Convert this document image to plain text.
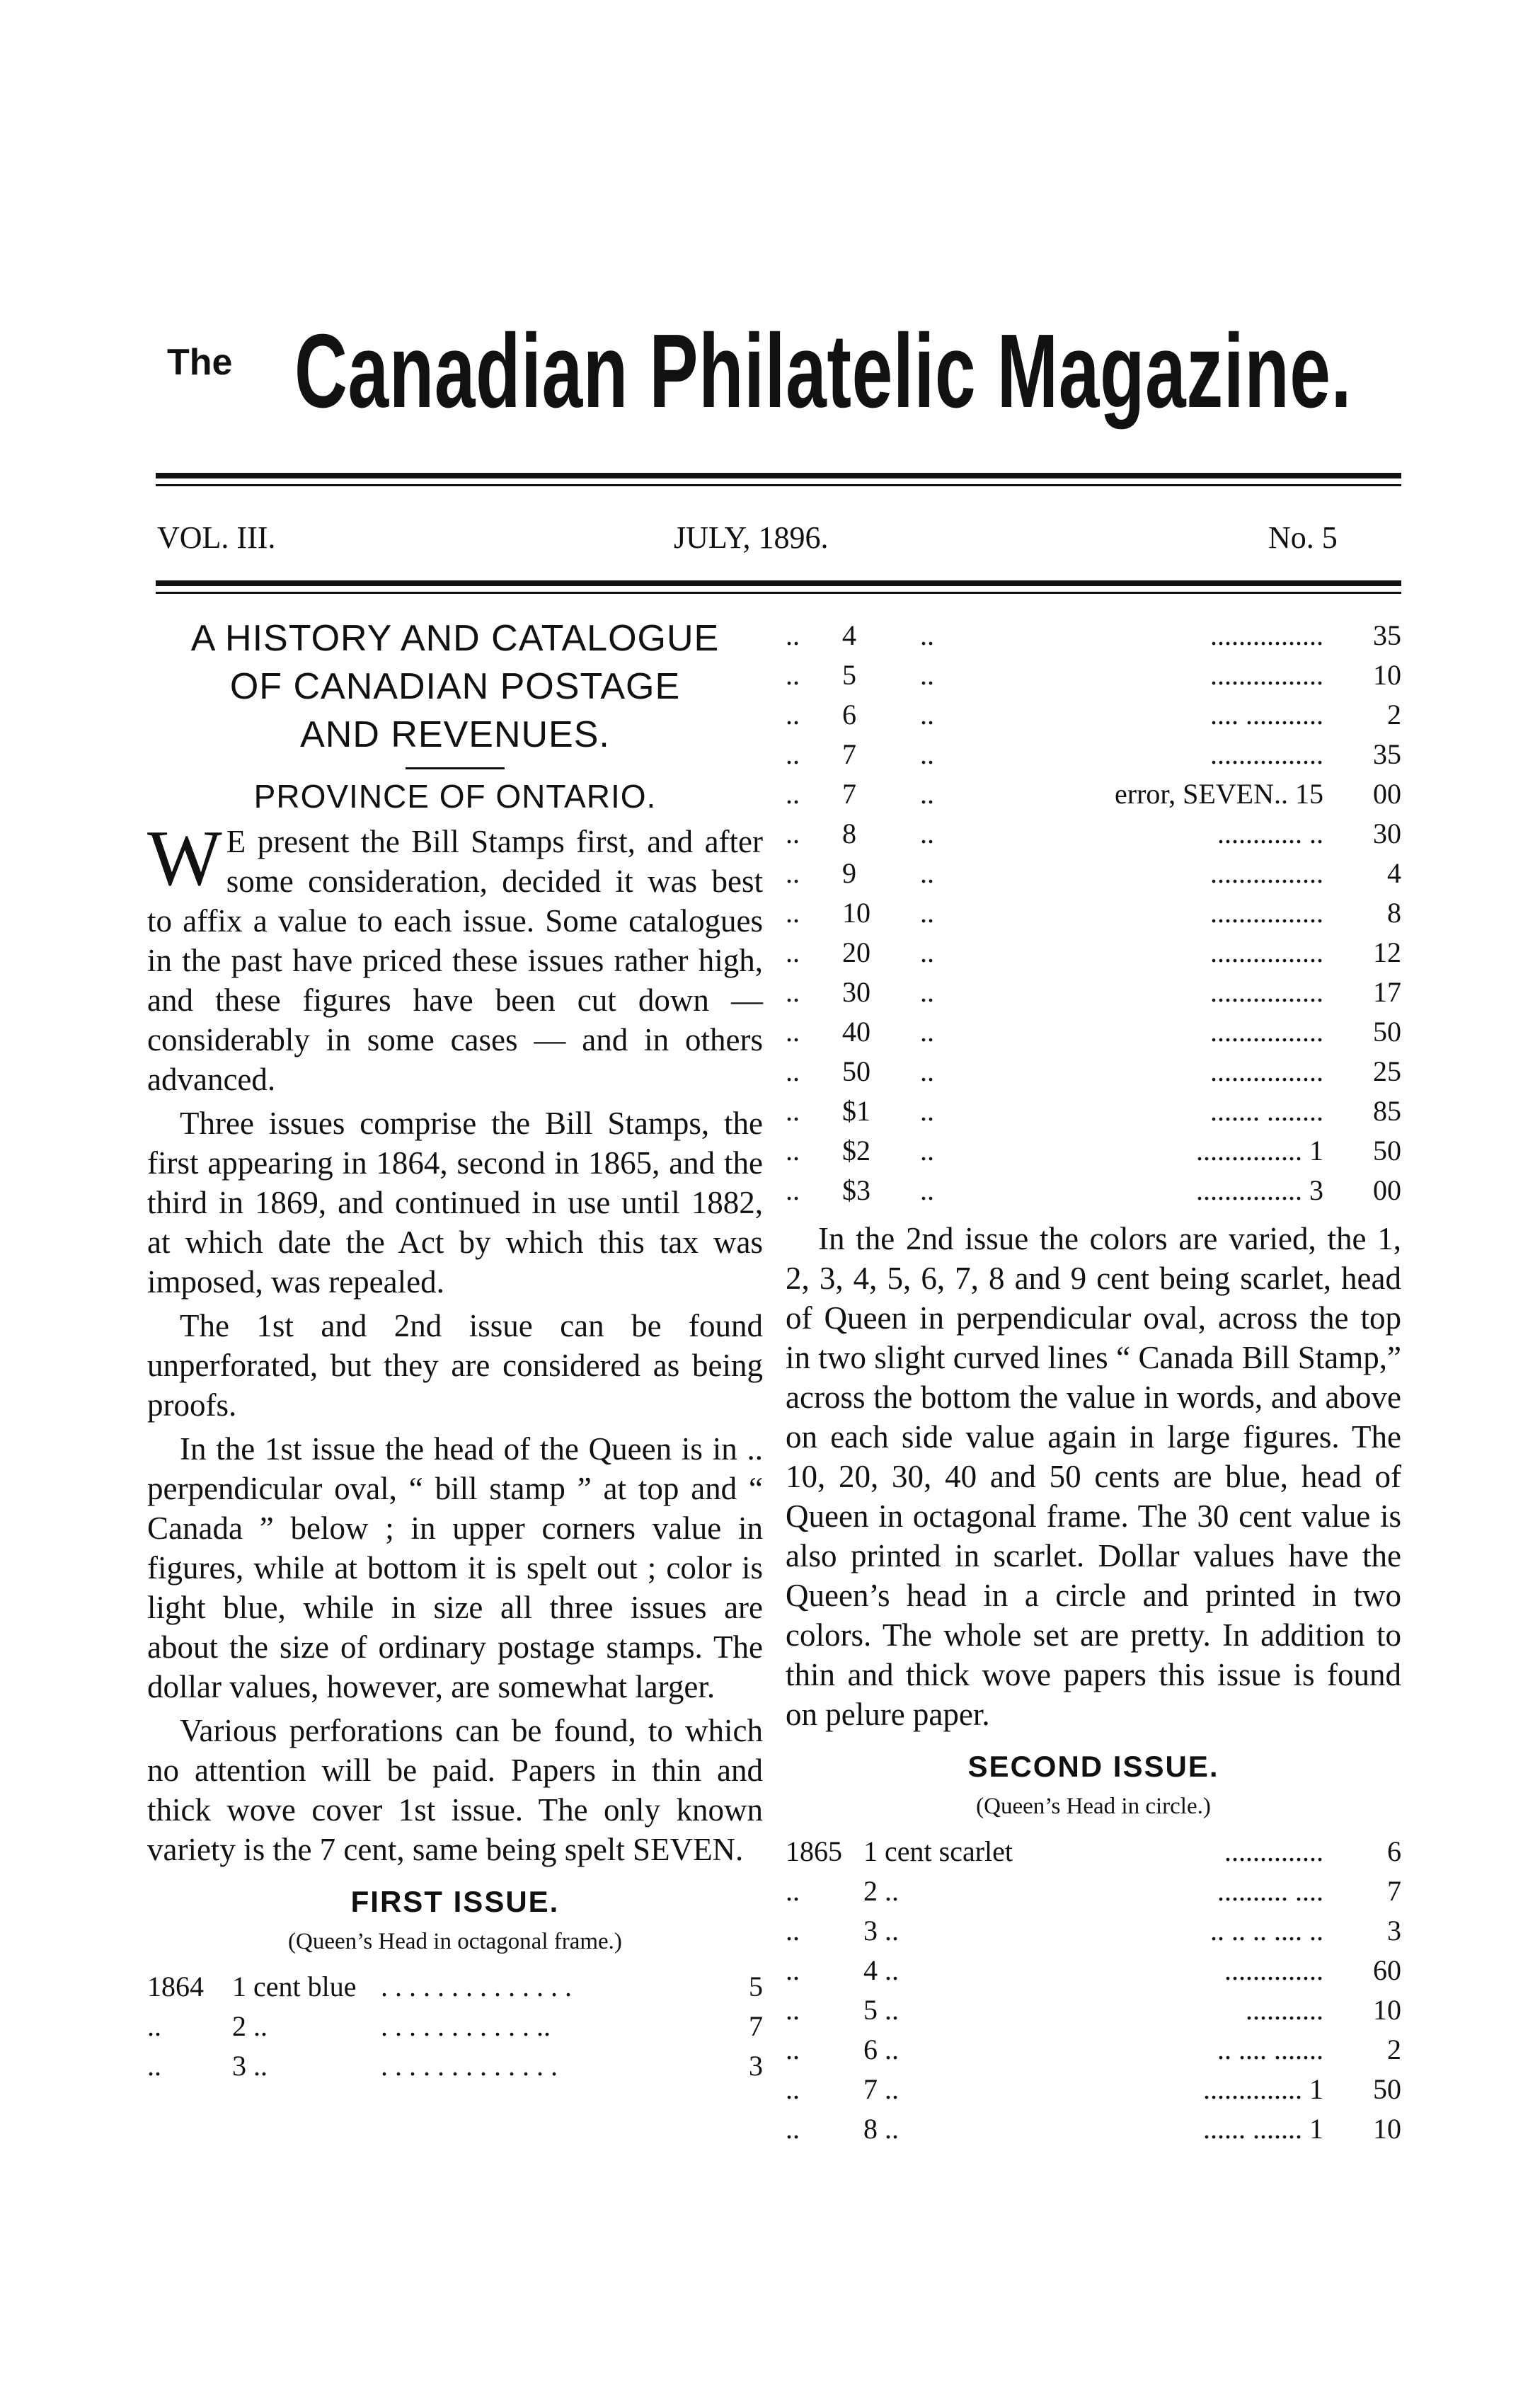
The Canadian Philatelic Magazine.
VOL. III.	JULY, 1896.	No. 5
A HISTORY AND CATALOGUE
OF CANADIAN POSTAGE
AND REVENUES.
PROVINCE OF ONTARIO.

W E present the Bill Stamps first, and after some consideration, decided it was best to affix a value to each issue. Some catalogues in the past have priced these issues rather high, and these figures have been cut down — considerably in some cases — and in others advanced.

Three issues comprise the Bill Stamps, the first appearing in 1864, second in 1865, and the third in 1869, and continued in use until 1882, at which date the Act by which this tax was imposed, was repealed.

The 1st and 2nd issue can be found unperforated, but they are considered as being proofs.

In the 1st issue the head of the Queen is in .. perpendicular oval, “ bill stamp ” at top and “ Canada ” below ; in upper corners value in figures, while at bottom it is spelt out ; color is light blue, while in size all three issues are about the size of ordinary postage stamps. The dollar values, however, are somewhat larger.

Various perforations can be found, to which no attention will be paid. Papers in thin and thick wove cover 1st issue. The only known variety is the 7 cent, same being spelt SEVEN.

FIRST ISSUE.
(Queen’s Head in octagonal frame.)
1864	1 cent blue	. . . . . . . . . . . . . .	5
..	2 ..	. . . . . . . . . . . ..	7
..	3 ..	. . . . . . . . . . . . .	3
..	4	..	................	35
..	5	..	................	10
..	6	..	.... ...........	2
..	7	..	................	35
..	7	..	error, SEVEN.. 15	00
..	8	..	............ ..	30
..	9	..	................	4
..	10	..	................	8
..	20	..	................	12
..	30	..	................	17
..	40	..	................	50
..	50	..	................	25
..	$1	..	....... ........	85
..	$2	..	............... 1	50
..	$3	..	............... 3	00

In the 2nd issue the colors are varied, the 1, 2, 3, 4, 5, 6, 7, 8 and 9 cent being scarlet, head of Queen in perpendicular oval, across the top in two slight curved lines “ Canada Bill Stamp,” across the bottom the value in words, and above on each side value again in large figures. The 10, 20, 30, 40 and 50 cents are blue, head of Queen in octagonal frame. The 30 cent value is also printed in scarlet. Dollar values have the Queen’s head in a circle and printed in two colors. The whole set are pretty. In addition to thin and thick wove papers this issue is found on pelure paper.

SECOND ISSUE.
(Queen’s Head in circle.)
1865	1 cent scarlet	..............	6
..	2 ..	.......... ....	7
..	3 ..	.. .. .. .... ..	3
..	4 ..	..............	60
..	5 ..	...........	10
..	6 ..	.. .... .......	2
..	7 ..	.............. 1	50
..	8 ..	...... ....... 1	10
